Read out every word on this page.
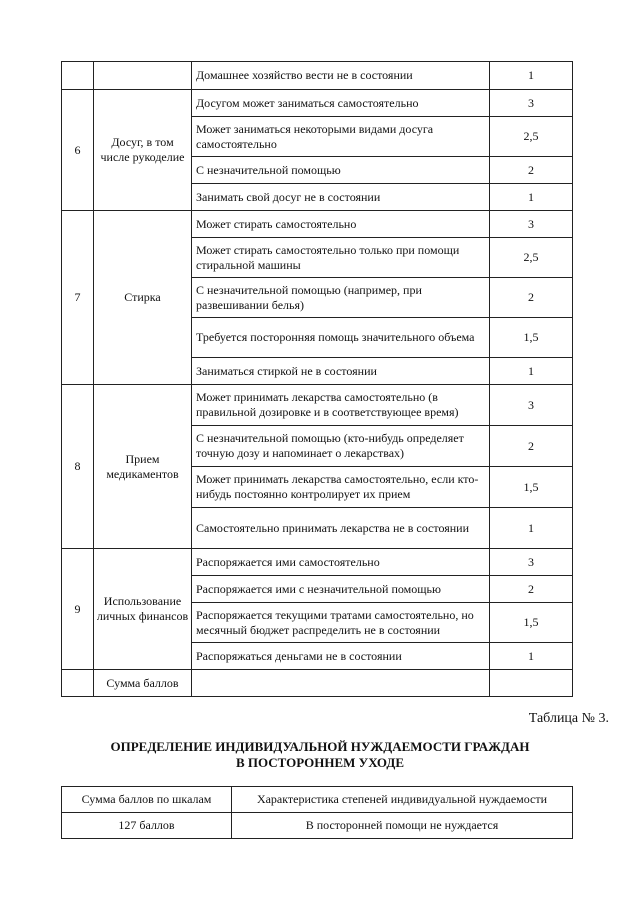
		Домашнее хозяйство вести не в состоянии	1
6	Досуг, в том числе рукоделие	Досугом может заниматься самостоятельно	3
		Может заниматься некоторыми видами досуга самостоятельно	2,5
		С незначительной помощью	2
		Занимать свой досуг не в состоянии	1
7	Стирка	Может стирать самостоятельно	3
		Может стирать самостоятельно только при помощи стиральной машины	2,5
		С незначительной помощью (например, при развешивании белья)	2
		Требуется посторонняя помощь значительного объема	1,5
		Заниматься стиркой не в состоянии	1
8	Прием медикаментов	Может принимать лекарства самостоятельно (в правильной дозировке и в соответствующее время)	3
		С незначительной помощью (кто-нибудь определяет точную дозу и напоминает о лекарствах)	2
		Может принимать лекарства самостоятельно, если кто-нибудь постоянно контролирует их прием	1,5
		Самостоятельно принимать лекарства не в состоянии	1
9	Использование личных финансов	Распоряжается ими самостоятельно	3
		Распоряжается ими с незначительной помощью	2
		Распоряжается текущими тратами самостоятельно, но месячный бюджет распределить не в состоянии	1,5
		Распоряжаться деньгами не в состоянии	1
	Сумма баллов		
Таблица № 3.
ОПРЕДЕЛЕНИЕ ИНДИВИДУАЛЬНОЙ НУЖДАЕМОСТИ ГРАЖДАН
В ПОСТОРОННЕМ УХОДЕ
Сумма баллов по шкалам	Характеристика степеней индивидуальной нуждаемости
127 баллов	В посторонней помощи не нуждается
